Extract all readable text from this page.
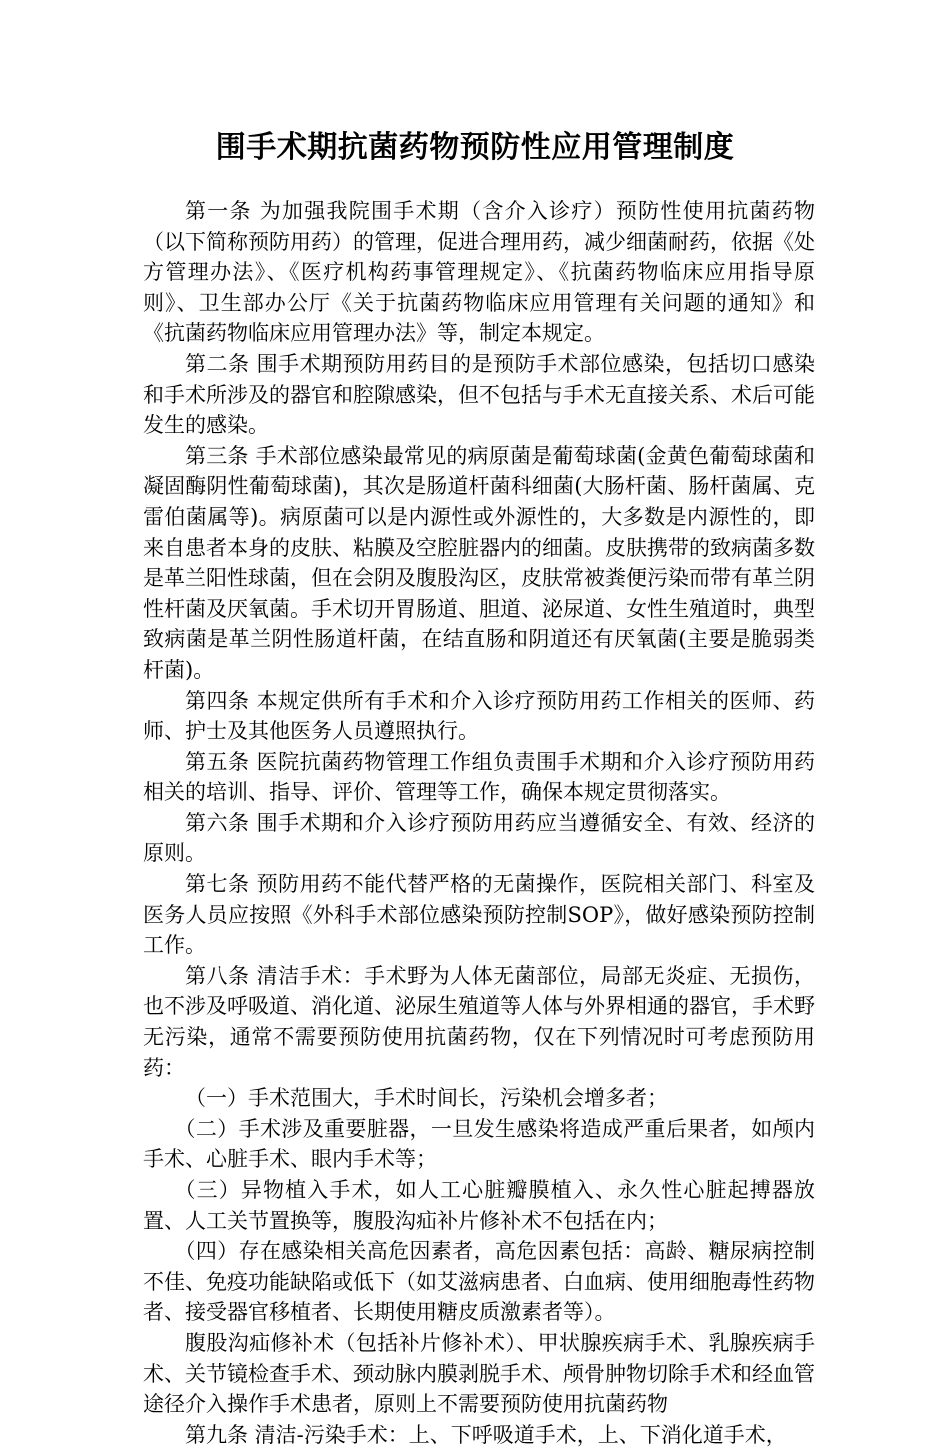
围手术期抗菌药物预防性应用管理制度

第一条 为加强我院围手术期（含介入诊疗）预防性使用抗菌药物（以下简称预防用药）的管理，促进合理用药，减少细菌耐药，依据《处方管理办法》、《医疗机构药事管理规定》、《抗菌药物临床应用指导原则》、卫生部办公厅《关于抗菌药物临床应用管理有关问题的通知》和《抗菌药物临床应用管理办法》等，制定本规定。

第二条 围手术期预防用药目的是预防手术部位感染，包括切口感染和手术所涉及的器官和腔隙感染，但不包括与手术无直接关系、术后可能发生的感染。

第三条 手术部位感染最常见的病原菌是葡萄球菌(金黄色葡萄球菌和凝固酶阴性葡萄球菌)，其次是肠道杆菌科细菌(大肠杆菌、肠杆菌属、克雷伯菌属等)。病原菌可以是内源性或外源性的，大多数是内源性的，即来自患者本身的皮肤、粘膜及空腔脏器内的细菌。皮肤携带的致病菌多数是革兰阳性球菌，但在会阴及腹股沟区，皮肤常被粪便污染而带有革兰阴性杆菌及厌氧菌。手术切开胃肠道、胆道、泌尿道、女性生殖道时，典型致病菌是革兰阴性肠道杆菌，在结直肠和阴道还有厌氧菌(主要是脆弱类杆菌)。

第四条 本规定供所有手术和介入诊疗预防用药工作相关的医师、药师、护士及其他医务人员遵照执行。

第五条 医院抗菌药物管理工作组负责围手术期和介入诊疗预防用药相关的培训、指导、评价、管理等工作，确保本规定贯彻落实。

第六条 围手术期和介入诊疗预防用药应当遵循安全、有效、经济的原则。

第七条 预防用药不能代替严格的无菌操作，医院相关部门、科室及医务人员应按照《外科手术部位感染预防控制SOP》，做好感染预防控制工作。

第八条 清洁手术：手术野为人体无菌部位，局部无炎症、无损伤，也不涉及呼吸道、消化道、泌尿生殖道等人体与外界相通的器官，手术野无污染，通常不需要预防使用抗菌药物，仅在下列情况时可考虑预防用药：

（一）手术范围大，手术时间长，污染机会增多者；

（二）手术涉及重要脏器，一旦发生感染将造成严重后果者，如颅内手术、心脏手术、眼内手术等；

（三）异物植入手术，如人工心脏瓣膜植入、永久性心脏起搏器放置、人工关节置换等，腹股沟疝补片修补术不包括在内；

（四）存在感染相关高危因素者，高危因素包括：高龄、糖尿病控制不佳、免疫功能缺陷或低下（如艾滋病患者、白血病、使用细胞毒性药物者、接受器官移植者、长期使用糖皮质激素者等）。

腹股沟疝修补术（包括补片修补术）、甲状腺疾病手术、乳腺疾病手术、关节镜检查手术、颈动脉内膜剥脱手术、颅骨肿物切除手术和经血管途径介入操作手术患者，原则上不需要预防使用抗菌药物

第九条 清洁-污染手术：上、下呼吸道手术，上、下消化道手术，
